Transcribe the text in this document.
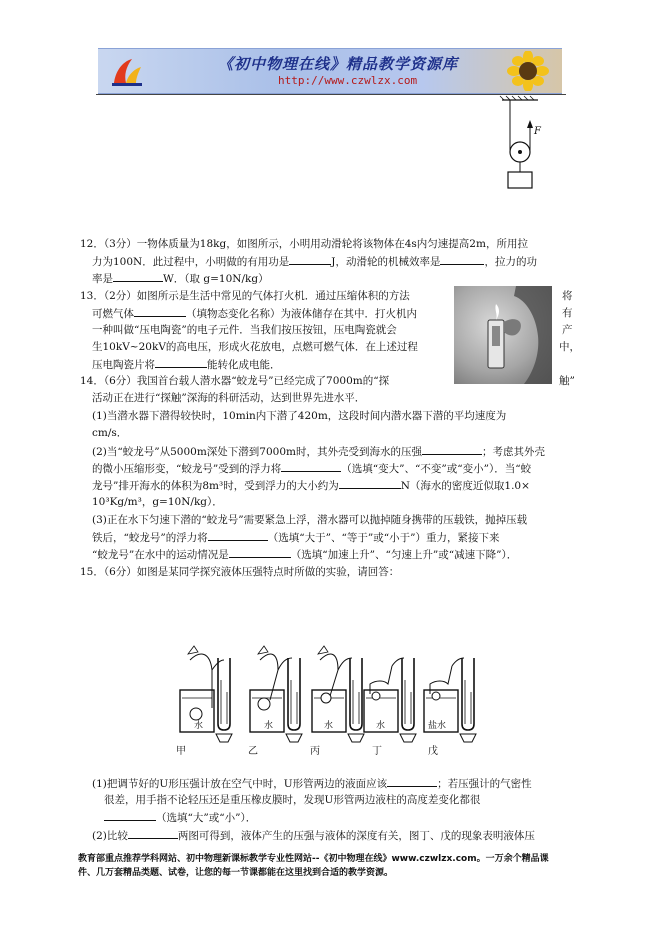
《初中物理在线》精品教学资源库
http://www.czwlzx.com
F
12．（3分）一物体质量为18kg，如图所示，小明用动滑轮将该物体在4s内匀速提高2m，所用拉
力为100N．此过程中，小明做的有用功是	J，动滑轮的机械效率是	，拉力的功
率是	W．（取 g=10N/kg）
13．（2分）如图所示是生活中常见的气体打火机．通过压缩体积的方法	将
可燃气体	（填物态变化名称）为液体储存在其中．打火机内	有
一种叫做“压电陶瓷”的电子元件．当我们按压按钮，压电陶瓷就会	产
生10kV~20kV的高电压，形成火花放电，点燃可燃气体．在上述过程	中，
压电陶瓷片将	能转化成电能．
14．（6分）我国首台载人潜水器“蛟龙号”已经完成了7000m的“探	触”
活动正在进行“探触”深海的科研活动，达到世界先进水平．
(1)当潜水器下潜得较快时，10min内下潜了420m，这段时间内潜水器下潜的平均速度为
cm/s．
(2)当“蛟龙号”从5000m深处下潜到7000m时，其外壳受到海水的压强	；考虑其外壳
的微小压缩形变，“蛟龙号”受到的浮力将	（选填“变大”、“不变”或“变小”）．当“蛟
龙号”排开海水的体积为8m³时，受到浮力的大小约为	N（海水的密度近似取1.0×
10³Kg/m³，g=10N/kg）．
(3)正在水下匀速下潜的“蛟龙号”需要紧急上浮，潜水器可以抛掉随身携带的压载铁，抛掉压载
铁后，“蛟龙号”的浮力将	（选填“大于”、“等于”或“小于”）重力，紧接下来
“蛟龙号”在水中的运动情况是	（选填“加速上升”、“匀速上升”或“减速下降”）．
15．（6分）如图是某同学探究液体压强特点时所做的实验，请回答：
水	水	水	水	盐水
甲	乙	丙	丁	戊
(1)把调节好的U形压强计放在空气中时，U形管两边的液面应该	；若压强计的气密性
很差，用手指不论轻压还是重压橡皮膜时，发现U形管两边液柱的高度差变化都很
（选填“大”或“小”）．
(2)比较	两图可得到，液体产生的压强与液体的深度有关，图丁、戊的现象表明液体压
教育部重点推荐学科网站、初中物理新课标教学专业性网站--《初中物理在线》www.czwlzx.com。一万余个精品课
件、几万套精品类题、试卷，让您的每一节课都能在这里找到合适的教学资源。
